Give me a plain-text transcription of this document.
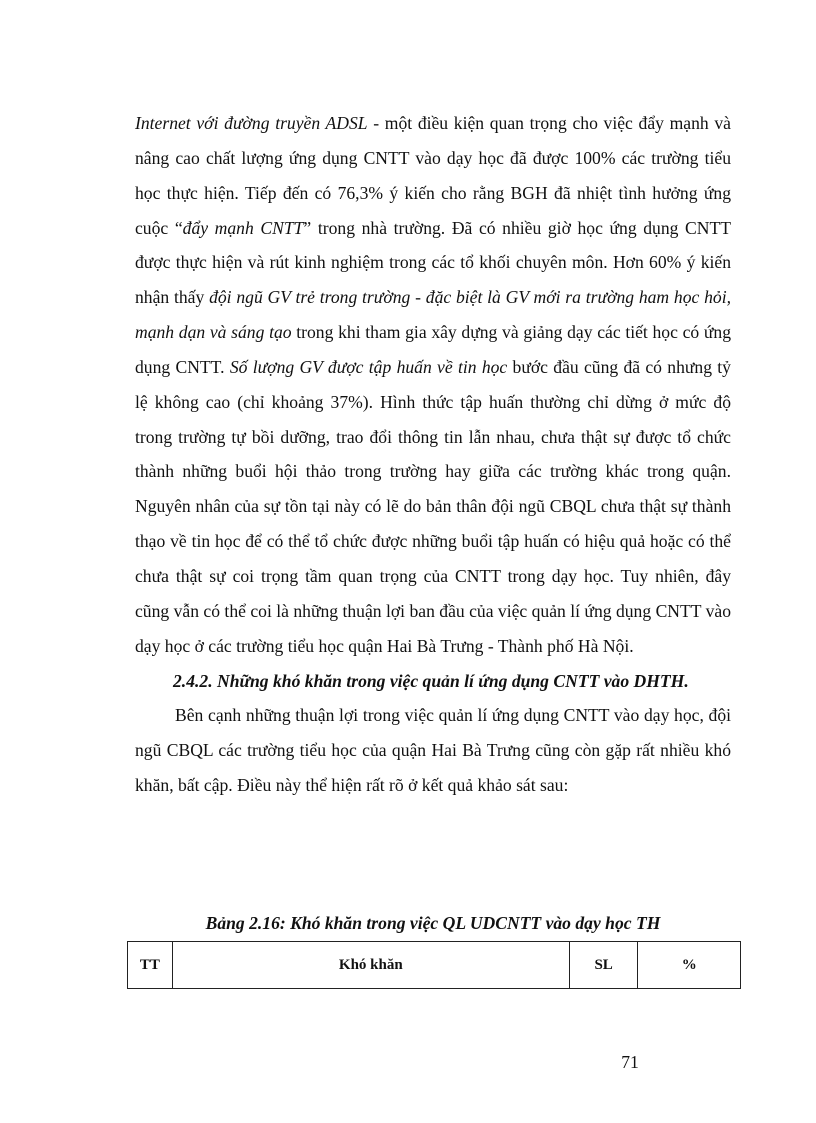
Internet với đường truyền ADSL - một điều kiện quan trọng cho việc đẩy mạnh và nâng cao chất lượng ứng dụng CNTT vào dạy học đã được 100% các trường tiểu học thực hiện. Tiếp đến có 76,3% ý kiến cho rằng BGH đã nhiệt tình hưởng ứng cuộc “đẩy mạnh CNTT” trong nhà trường. Đã có nhiều giờ học ứng dụng CNTT được thực hiện và rút kinh nghiệm trong các tổ khối chuyên môn. Hơn 60% ý kiến nhận thấy đội ngũ GV trẻ trong trường - đặc biệt là GV mới ra trường ham học hỏi, mạnh dạn và sáng tạo trong khi tham gia xây dựng và giảng dạy các tiết học có ứng dụng CNTT. Số lượng GV được tập huấn về tin học bước đầu cũng đã có nhưng tỷ lệ không cao (chỉ khoảng 37%). Hình thức tập huấn thường chỉ dừng ở mức độ trong trường tự bồi dưỡng, trao đổi thông tin lẫn nhau, chưa thật sự được tổ chức thành những buổi hội thảo trong trường hay giữa các trường khác trong quận. Nguyên nhân của sự tồn tại này có lẽ do bản thân đội ngũ CBQL chưa thật sự thành thạo về tin học để có thể tổ chức được những buổi tập huấn có hiệu quả hoặc có thể chưa thật sự coi trọng tầm quan trọng của CNTT trong dạy học. Tuy nhiên, đây cũng vẫn có thể coi là những thuận lợi ban đầu của việc quản lí ứng dụng CNTT vào dạy học ở các trường tiểu học quận Hai Bà Trưng - Thành phố Hà Nội.

2.4.2. Những khó khăn trong việc quản lí ứng dụng CNTT vào DHTH.

Bên cạnh những thuận lợi trong việc quản lí ứng dụng CNTT vào dạy học, đội ngũ CBQL các trường tiểu học của quận Hai Bà Trưng cũng còn gặp rất nhiều khó khăn, bất cập. Điều này thể hiện rất rõ ở kết quả khảo sát sau:

Bảng 2.16: Khó khăn trong việc QL UDCNTT vào dạy học TH
TT	Khó khăn	SL	%
71
